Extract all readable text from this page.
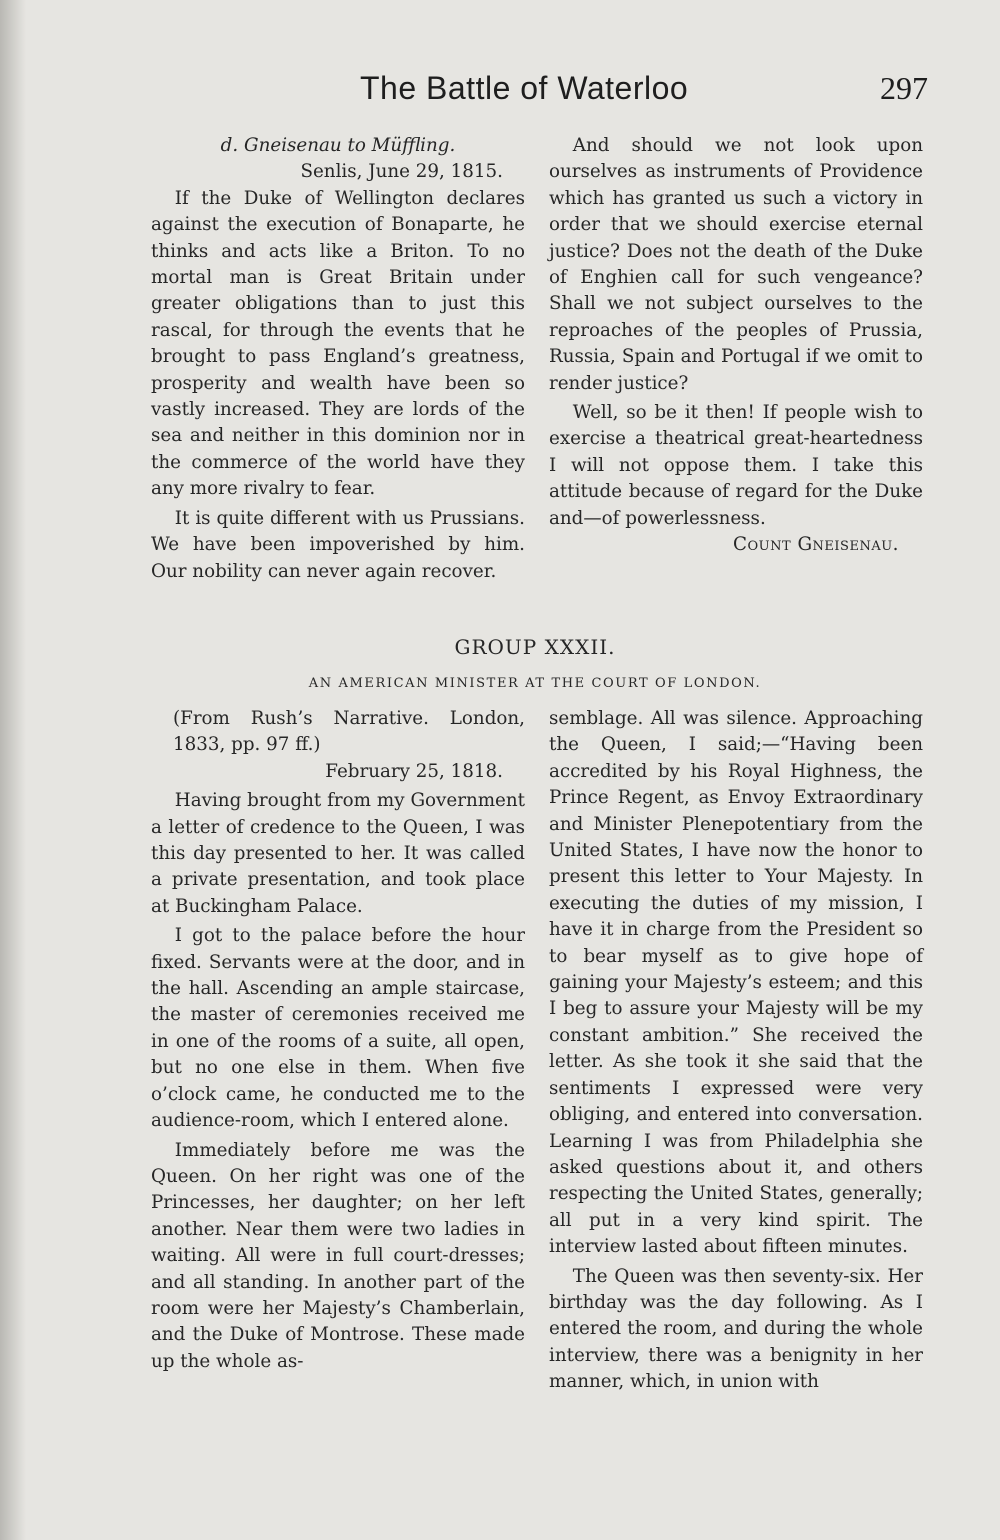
The Battle of Waterloo	297

d. Gneisenau to Müffling.

Senlis, June 29, 1815.

If the Duke of Wellington declares against the execution of Bonaparte, he thinks and acts like a Briton. To no mortal man is Great Britain under greater obligations than to just this rascal, for through the events that he brought to pass England’s greatness, prosperity and wealth have been so vastly increased. They are lords of the sea and neither in this dominion nor in the commerce of the world have they any more rivalry to fear.

It is quite different with us Prussians. We have been impoverished by him. Our nobility can never again recover.

And should we not look upon ourselves as instruments of Providence which has granted us such a victory in order that we should exercise eternal justice? Does not the death of the Duke of Enghien call for such vengeance? Shall we not subject ourselves to the reproaches of the peoples of Prussia, Russia, Spain and Portugal if we omit to render justice?

Well, so be it then! If people wish to exercise a theatrical great-heartedness I will not oppose them. I take this attitude because of regard for the Duke and—of powerlessness.

Count Gneisenau.

GROUP XXXII.
AN AMERICAN MINISTER AT THE COURT OF LONDON.

(From Rush’s Narrative. London, 1833, pp. 97 ff.)

February 25, 1818.

Having brought from my Government a letter of credence to the Queen, I was this day presented to her. It was called a private presentation, and took place at Buckingham Palace.

I got to the palace before the hour fixed. Servants were at the door, and in the hall. Ascending an ample staircase, the master of ceremonies received me in one of the rooms of a suite, all open, but no one else in them. When five o’clock came, he conducted me to the audience-room, which I entered alone.

Immediately before me was the Queen. On her right was one of the Princesses, her daughter; on her left another. Near them were two ladies in waiting. All were in full court-dresses; and all standing. In another part of the room were her Majesty’s Chamberlain, and the Duke of Montrose. These made up the whole as-

semblage. All was silence. Approaching the Queen, I said;—“Having been accredited by his Royal Highness, the Prince Regent, as Envoy Extraordinary and Minister Plenepotentiary from the United States, I have now the honor to present this letter to Your Majesty. In executing the duties of my mission, I have it in charge from the President so to bear myself as to give hope of gaining your Majesty’s esteem; and this I beg to assure your Majesty will be my constant ambition.” She received the letter. As she took it she said that the sentiments I expressed were very obliging, and entered into conversation. Learning I was from Philadelphia she asked questions about it, and others respecting the United States, generally; all put in a very kind spirit. The interview lasted about fifteen minutes.

The Queen was then seventy-six. Her birthday was the day following. As I entered the room, and during the whole interview, there was a benignity in her manner, which, in union with
